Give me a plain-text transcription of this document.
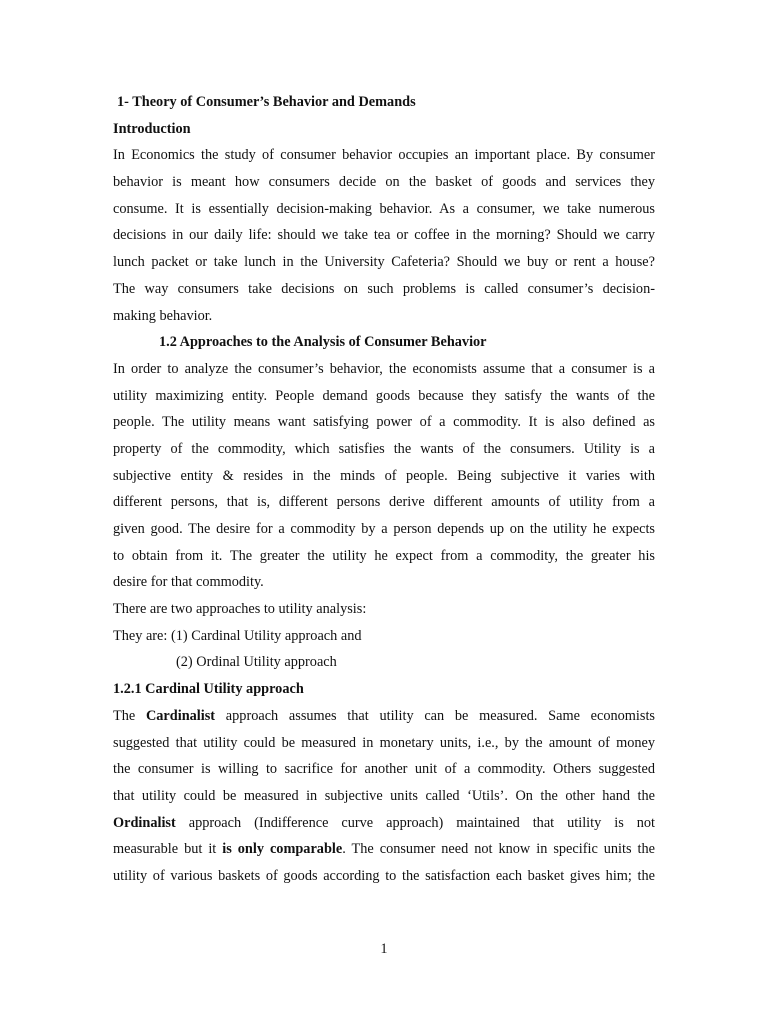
1- Theory of Consumer’s Behavior and Demands
Introduction
In Economics the study of consumer behavior occupies an important place. By consumer
behavior is meant how consumers decide on the basket of goods and services they
consume. It is essentially decision-making behavior. As a consumer, we take numerous
decisions in our daily life: should we take tea or coffee in the morning? Should we carry
lunch packet or take lunch in the University Cafeteria? Should we buy or rent a house?
The way consumers take decisions on such problems is called consumer’s decision-
making behavior.
1.2 Approaches to the Analysis of Consumer Behavior
In order to analyze the consumer’s behavior, the economists assume that a consumer is a
utility maximizing entity. People demand goods because they satisfy the wants of the
people. The utility means want satisfying power of a commodity. It is also defined as
property of the commodity, which satisfies the wants of the consumers. Utility is a
subjective entity & resides in the minds of people. Being subjective it varies with
different persons, that is, different persons derive different amounts of utility from a
given good. The desire for a commodity by a person depends up on the utility he expects
to obtain from it. The greater the utility he expect from a commodity, the greater his
desire for that commodity.
There are two approaches to utility analysis:
They are: (1) Cardinal Utility approach and
(2) Ordinal Utility approach
1.2.1 Cardinal Utility approach
The Cardinalist approach assumes that utility can be measured. Same economists
suggested that utility could be measured in monetary units, i.e., by the amount of money
the consumer is willing to sacrifice for another unit of a commodity. Others suggested
that utility could be measured in subjective units called ‘Utils’. On the other hand the
Ordinalist approach (Indifference curve approach) maintained that utility is not
measurable but it is only comparable. The consumer need not know in specific units the
utility of various baskets of goods according to the satisfaction each basket gives him; the
1
